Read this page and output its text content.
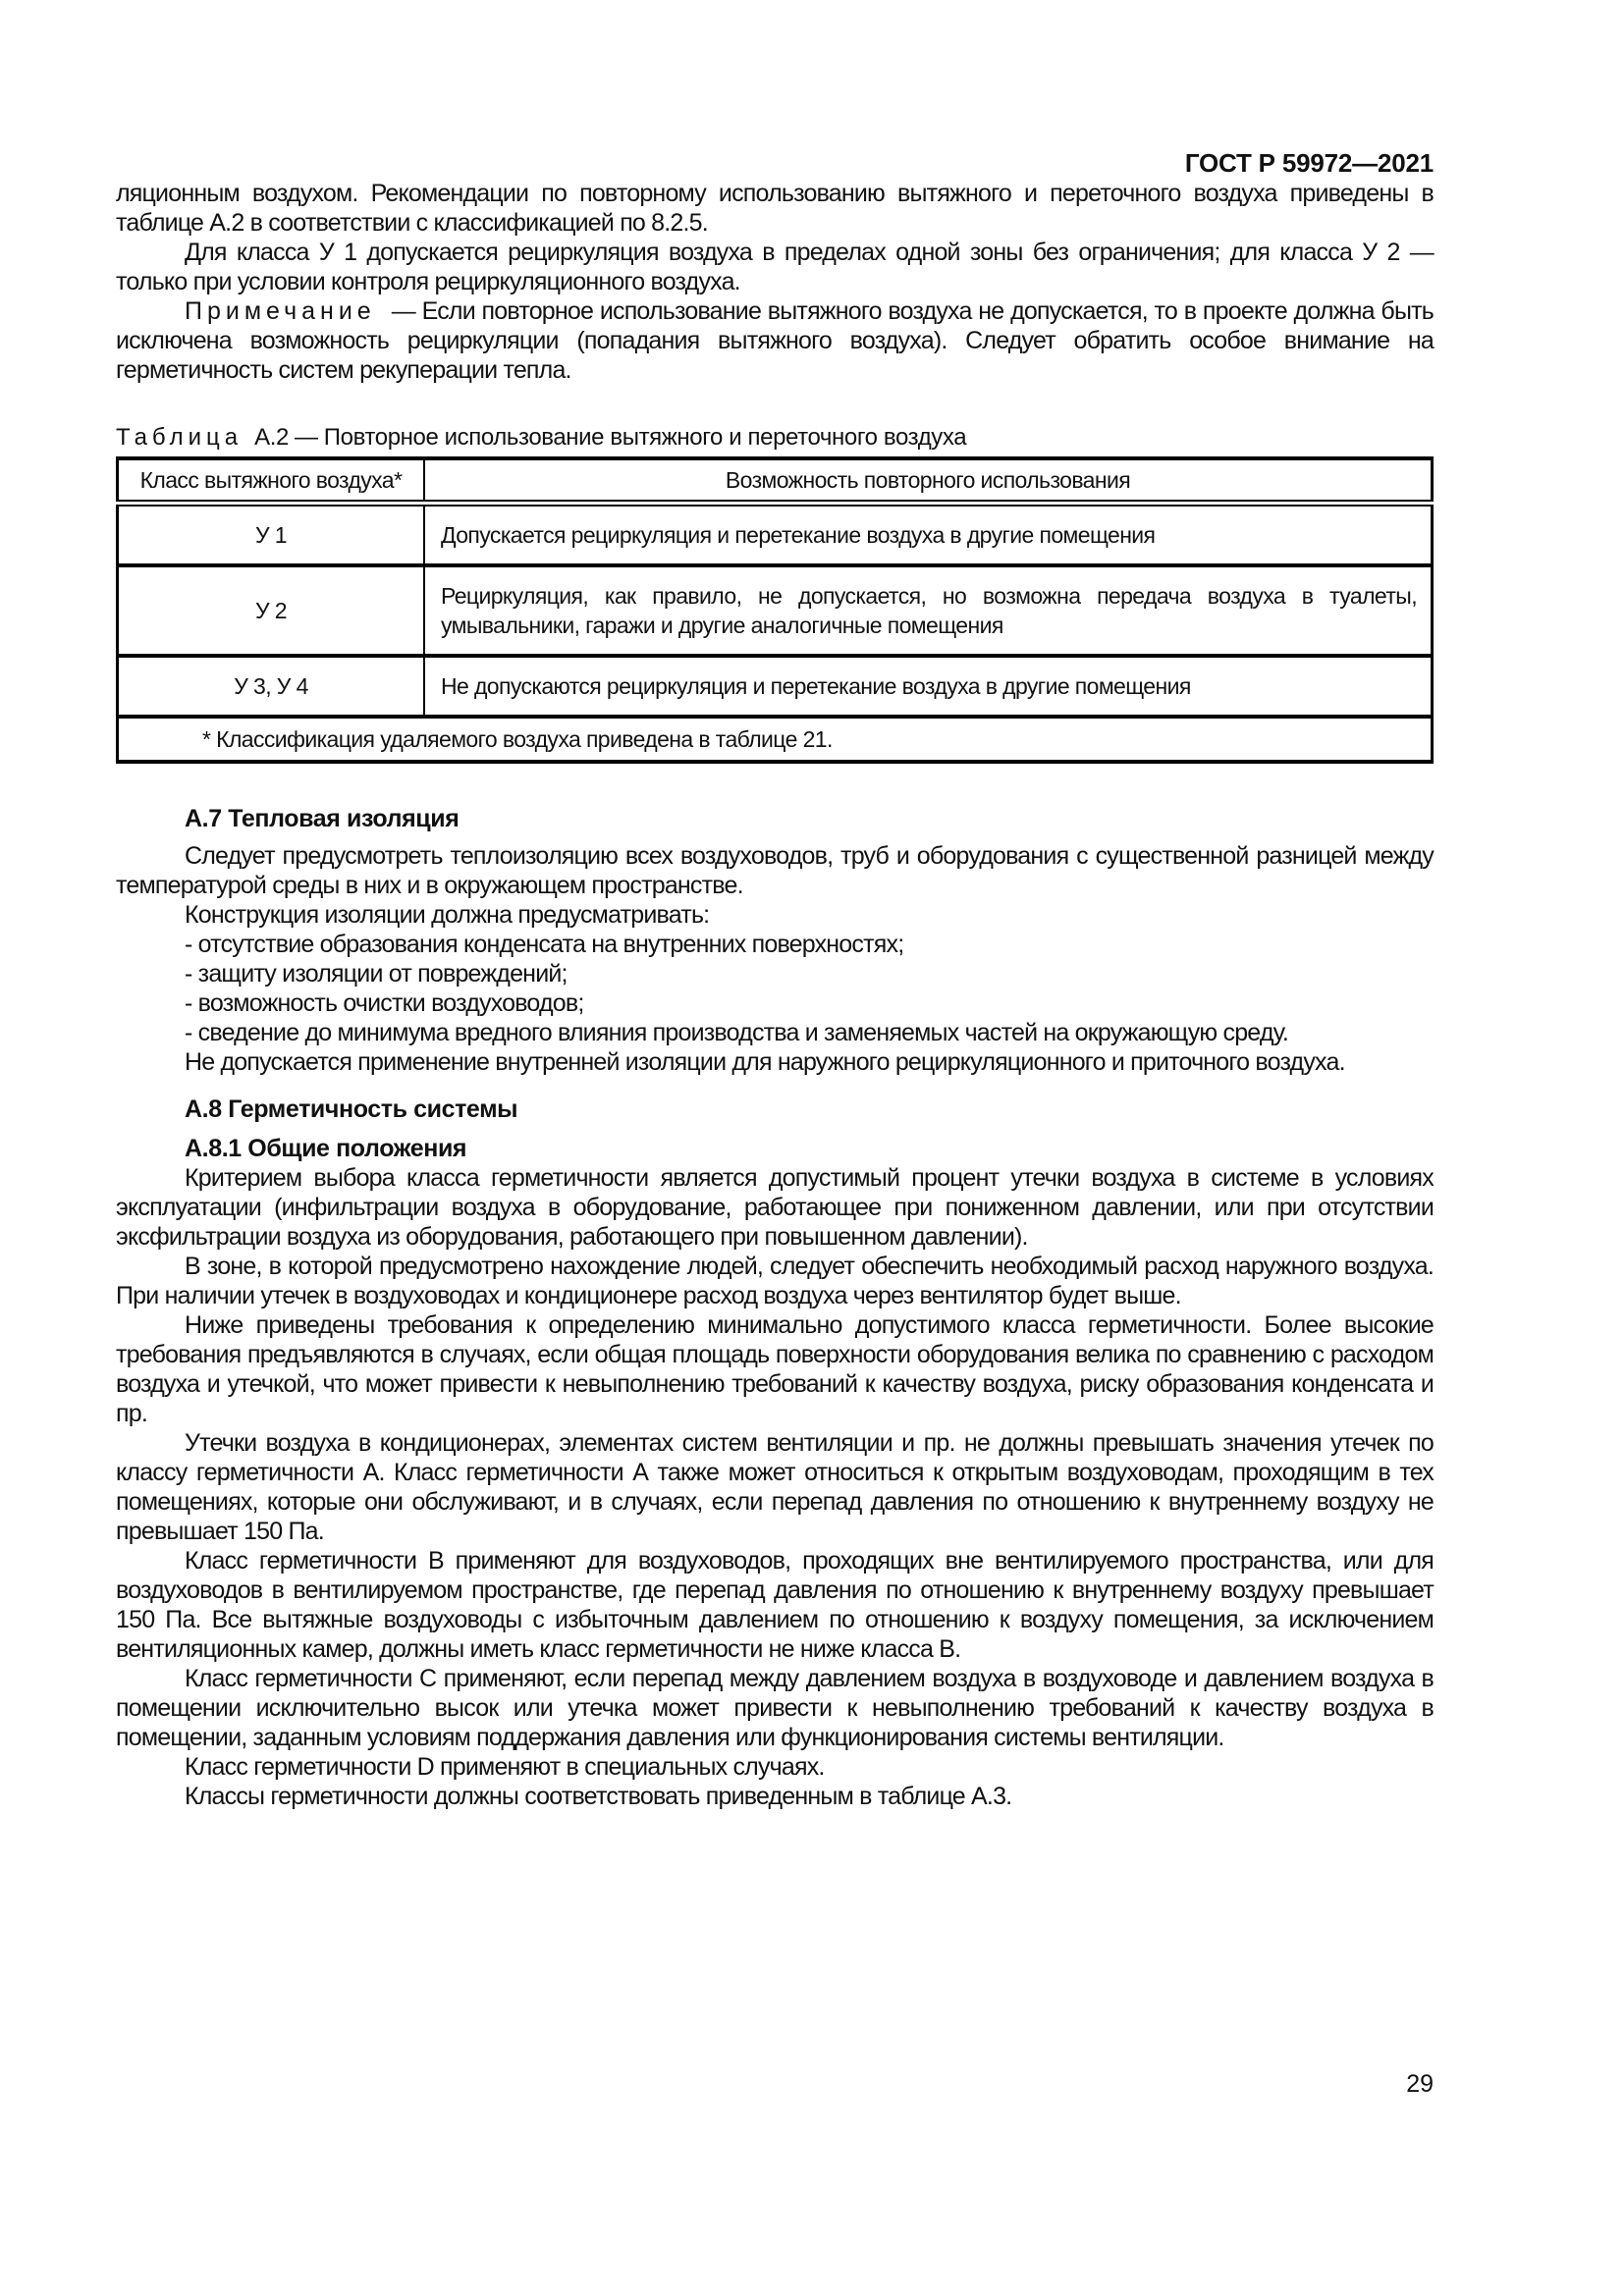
ГОСТ Р 59972—2021

ляционным воздухом. Рекомендации по повторному использованию вытяжного и переточного воздуха приведены в таблице А.2 в соответствии с классификацией по 8.2.5.

Для класса У 1 допускается рециркуляция воздуха в пределах одной зоны без ограничения; для класса У 2 — только при условии контроля рециркуляционного воздуха.

Примечание — Если повторное использование вытяжного воздуха не допускается, то в проекте должна быть исключена возможность рециркуляции (попадания вытяжного воздуха). Следует обратить особое внимание на герметичность систем рекуперации тепла.

Таблица А.2 — Повторное использование вытяжного и переточного воздуха

Класс вытяжного воздуха*	Возможность повторного использования
У 1	Допускается рециркуляция и перетекание воздуха в другие помещения
У 2	Рециркуляция, как правило, не допускается, но возможна передача воздуха в туалеты, умывальники, гаражи и другие аналогичные помещения
У 3, У 4	Не допускаются рециркуляция и перетекание воздуха в другие помещения
* Классификация удаляемого воздуха приведена в таблице 21.	
А.7 Тепловая изоляция

Следует предусмотреть теплоизоляцию всех воздуховодов, труб и оборудования с существенной разницей между температурой среды в них и в окружающем пространстве.

Конструкция изоляции должна предусматривать:

- отсутствие образования конденсата на внутренних поверхностях;

- защиту изоляции от повреждений;

- возможность очистки воздуховодов;

- сведение до минимума вредного влияния производства и заменяемых частей на окружающую среду.

Не допускается применение внутренней изоляции для наружного рециркуляционного и приточного воздуха.

А.8 Герметичность системы
А.8.1 Общие положения

Критерием выбора класса герметичности является допустимый процент утечки воздуха в системе в условиях эксплуатации (инфильтрации воздуха в оборудование, работающее при пониженном давлении, или при отсутствии эксфильтрации воздуха из оборудования, работающего при повышенном давлении).

В зоне, в которой предусмотрено нахождение людей, следует обеспечить необходимый расход наружного воздуха. При наличии утечек в воздуховодах и кондиционере расход воздуха через вентилятор будет выше.

Ниже приведены требования к определению минимально допустимого класса герметичности. Более высокие требования предъявляются в случаях, если общая площадь поверхности оборудования велика по сравнению с расходом воздуха и утечкой, что может привести к невыполнению требований к качеству воздуха, риску образования конденсата и пр.

Утечки воздуха в кондиционерах, элементах систем вентиляции и пр. не должны превышать значения утечек по классу герметичности А. Класс герметичности А также может относиться к открытым воздуховодам, проходящим в тех помещениях, которые они обслуживают, и в случаях, если перепад давления по отношению к внутреннему воздуху не превышает 150 Па.

Класс герметичности В применяют для воздуховодов, проходящих вне вентилируемого пространства, или для воздуховодов в вентилируемом пространстве, где перепад давления по отношению к внутреннему воздуху превышает 150 Па. Все вытяжные воздуховоды с избыточным давлением по отношению к воздуху помещения, за исключением вентиляционных камер, должны иметь класс герметичности не ниже класса В.

Класс герметичности С применяют, если перепад между давлением воздуха в воздуховоде и давлением воздуха в помещении исключительно высок или утечка может привести к невыполнению требований к качеству воздуха в помещении, заданным условиям поддержания давления или функционирования системы вентиляции.

Класс герметичности D применяют в специальных случаях.

Классы герметичности должны соответствовать приведенным в таблице А.3.

29
